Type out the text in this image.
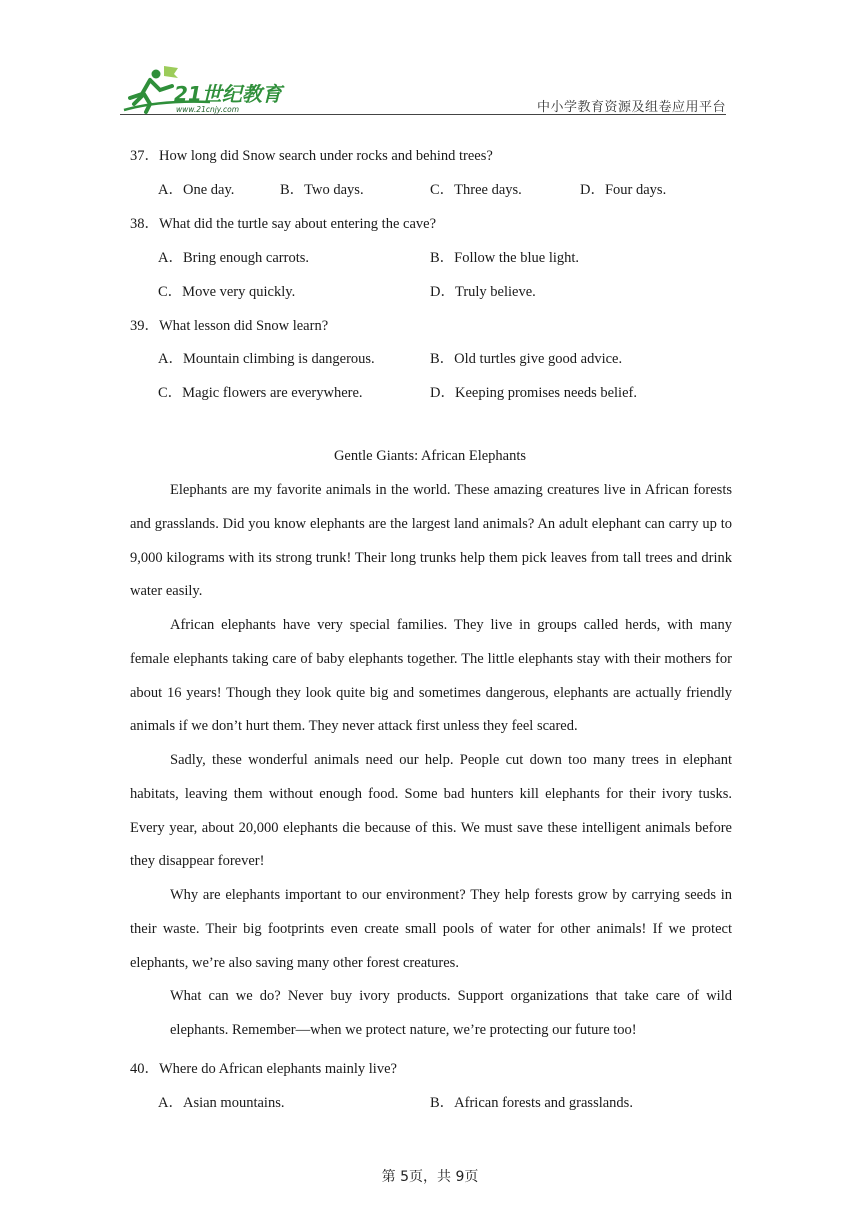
21世纪教育
www.21cnjy.com	中小学教育资源及组卷应用平台
37．How long did Snow search under rocks and behind trees?
A．One day.	B．Two days.	C．Three days.	D．Four days.
38．What did the turtle say about entering the cave?
A．Bring enough carrots.	B．Follow the blue light.
C．Move very quickly.	D．Truly believe.
39．What lesson did Snow learn?
A．Mountain climbing is dangerous.	B．Old turtles give good advice.
C．Magic flowers are everywhere.	D．Keeping promises needs belief.
Gentle Giants: African Elephants
Elephants are my favorite animals in the world. These amazing creatures live in African forests and grasslands. Did you know elephants are the largest land animals? An adult elephant can carry up to 9,000 kilograms with its strong trunk! Their long trunks help them pick leaves from tall trees and drink water easily.
African elephants have very special families. They live in groups called herds, with many female elephants taking care of baby elephants together. The little elephants stay with their mothers for about 16 years! Though they look quite big and sometimes dangerous, elephants are actually friendly animals if we don’t hurt them. They never attack first unless they feel scared.
Sadly, these wonderful animals need our help. People cut down too many trees in elephant habitats, leaving them without enough food. Some bad hunters kill elephants for their ivory tusks. Every year, about 20,000 elephants die because of this. We must save these intelligent animals before they disappear forever!
Why are elephants important to our environment? They help forests grow by carrying seeds in their waste. Their big footprints even create small pools of water for other animals! If we protect elephants, we’re also saving many other forest creatures.
What can we do? Never buy ivory products. Support organizations that take care of wild elephants. Remember—when we protect nature, we’re protecting our future too!
40．Where do African elephants mainly live?
A．Asian mountains.	B．African forests and grasslands.
第 5页，共 9页
